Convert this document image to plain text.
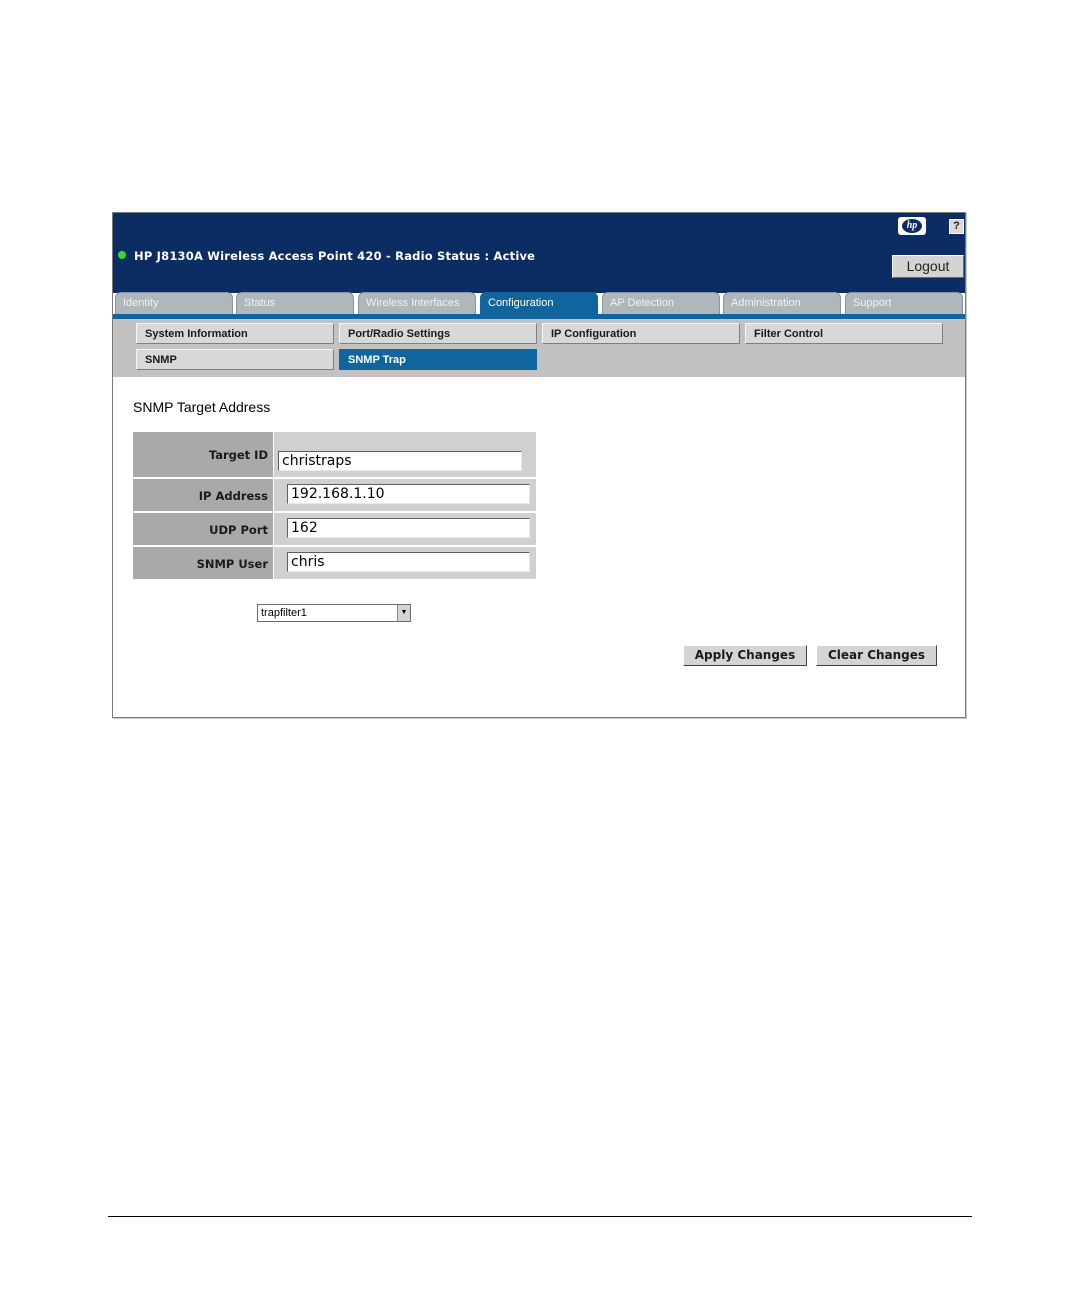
HP J8130A Wireless Access Point 420 - Radio Status : Active
hp	?
Logout
Identity	Status	Wireless Interfaces	Configuration	AP Detection	Administration	Support
System Information	Port/Radio Settings	IP Configuration	Filter Control
SNMP	SNMP Trap
SNMP Target Address
Target ID
christraps
IP Address
192.168.1.10
UDP Port
162
SNMP User
chris
trapfilter1	▼
Apply Changes	Clear Changes
